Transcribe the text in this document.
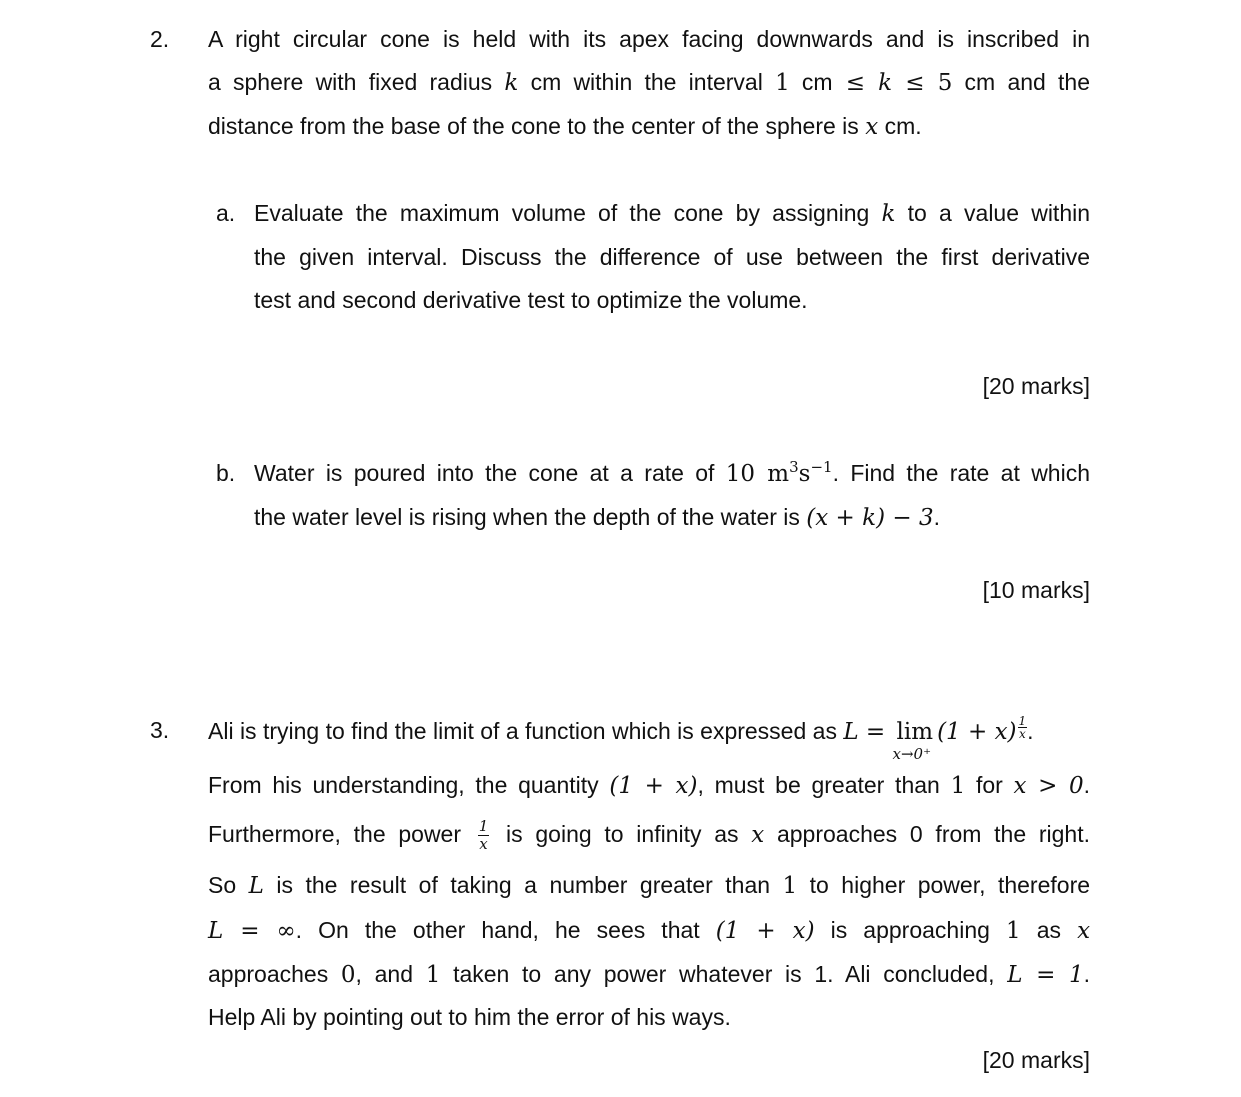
2. A right circular cone is held with its apex facing downwards and is inscribed in
a sphere with fixed radius k cm within the interval 1 cm ≤ k ≤ 5 cm and the
distance from the base of the cone to the center of the sphere is x cm.
a. Evaluate the maximum volume of the cone by assigning k to a value within
the given interval. Discuss the difference of use between the first derivative
test and second derivative test to optimize the volume.
[20 marks]
b. Water is poured into the cone at a rate of 10 $m^3s^{-1}$. Find the rate at which
the water level is rising when the depth of the water is (x + k) − 3.
[10 marks]
3. Ali is trying to find the limit of a function which is expressed as L = lim
x→0⁺
$(1 + x) \frac{1}{x}$ .
From his understanding, the quantity (1 + x), must be greater than 1 for x > 0.
Furthermore, the power $\frac{1}{x}$ is going to infinity as x approaches 0 from the right.
So L is the result of taking a number greater than 1 to higher power, therefore
L = ∞. On the other hand, he sees that (1 + x) is approaching 1 as x
approaches 0, and 1 taken to any power whatever is 1. Ali concluded, L = 1.
Help Ali by pointing out to him the error of his ways.
[20 marks]
